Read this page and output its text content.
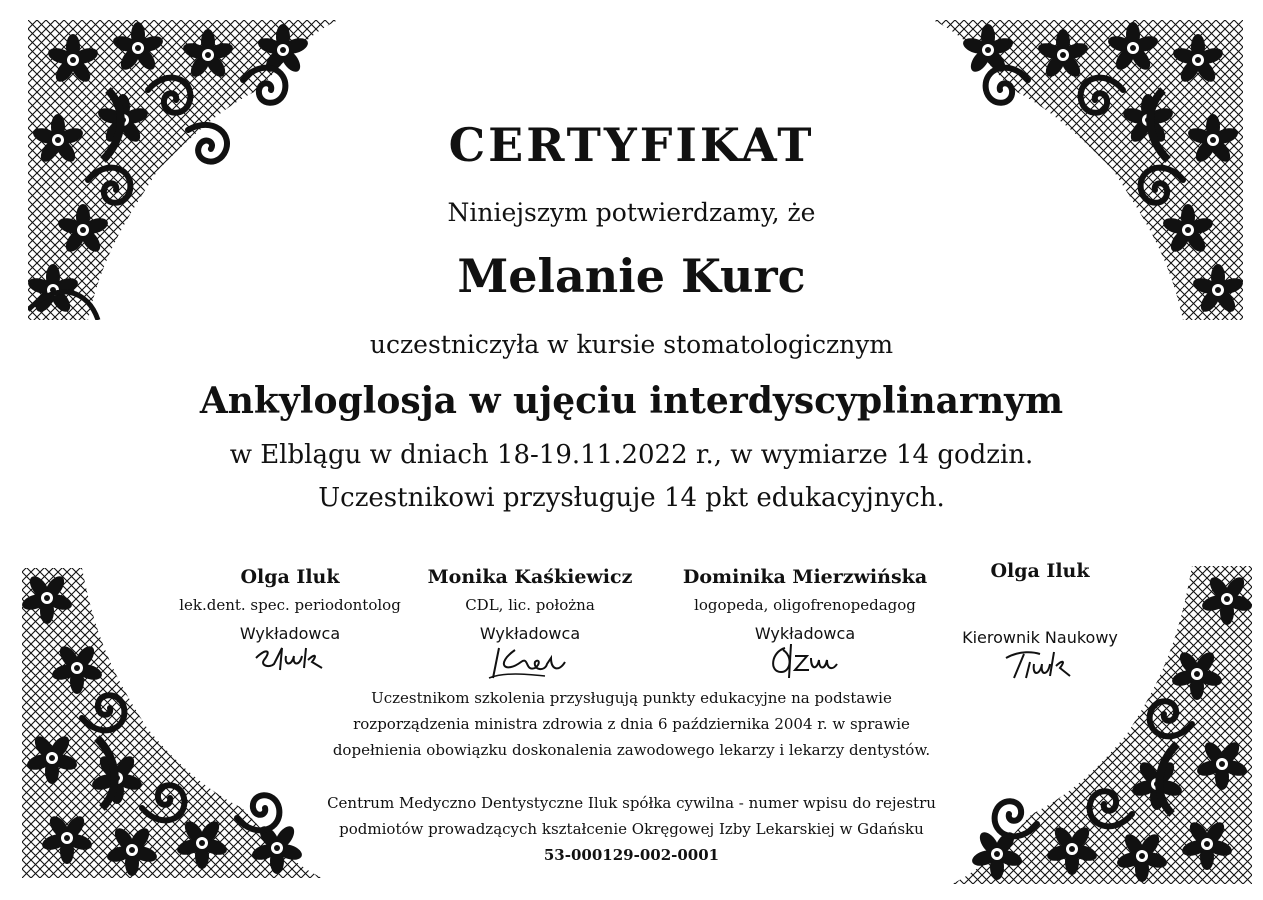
CERTYFIKAT
Niniejszym potwierdzamy, że
Melanie Kurc
uczestniczyła w kursie stomatologicznym
Ankyloglosja w ujęciu interdyscyplinarnym
w Elblągu w dniach 18-19.11.2022 r., w wymiarze 14 godzin.
Uczestnikowi przysługuje 14 pkt edukacyjnych.
Olga Iluk
lek.dent. spec. periodontolog
Wykładowca
Monika Kaśkiewicz
CDL, lic. położna
Wykładowca
Dominika Mierzwińska
logopeda, oligofrenopedagog
Wykładowca
Olga Iluk
Kierownik Naukowy
Uczestnikom szkolenia przysługują punkty edukacyjne na podstawie
rozporządzenia ministra zdrowia z dnia 6 października 2004 r. w sprawie
dopełnienia obowiązku doskonalenia zawodowego lekarzy i lekarzy dentystów.
Centrum Medyczno Dentystyczne Iluk spółka cywilna - numer wpisu do rejestru
podmiotów prowadzących kształcenie Okręgowej Izby Lekarskiej w Gdańsku
53-000129-002-0001
